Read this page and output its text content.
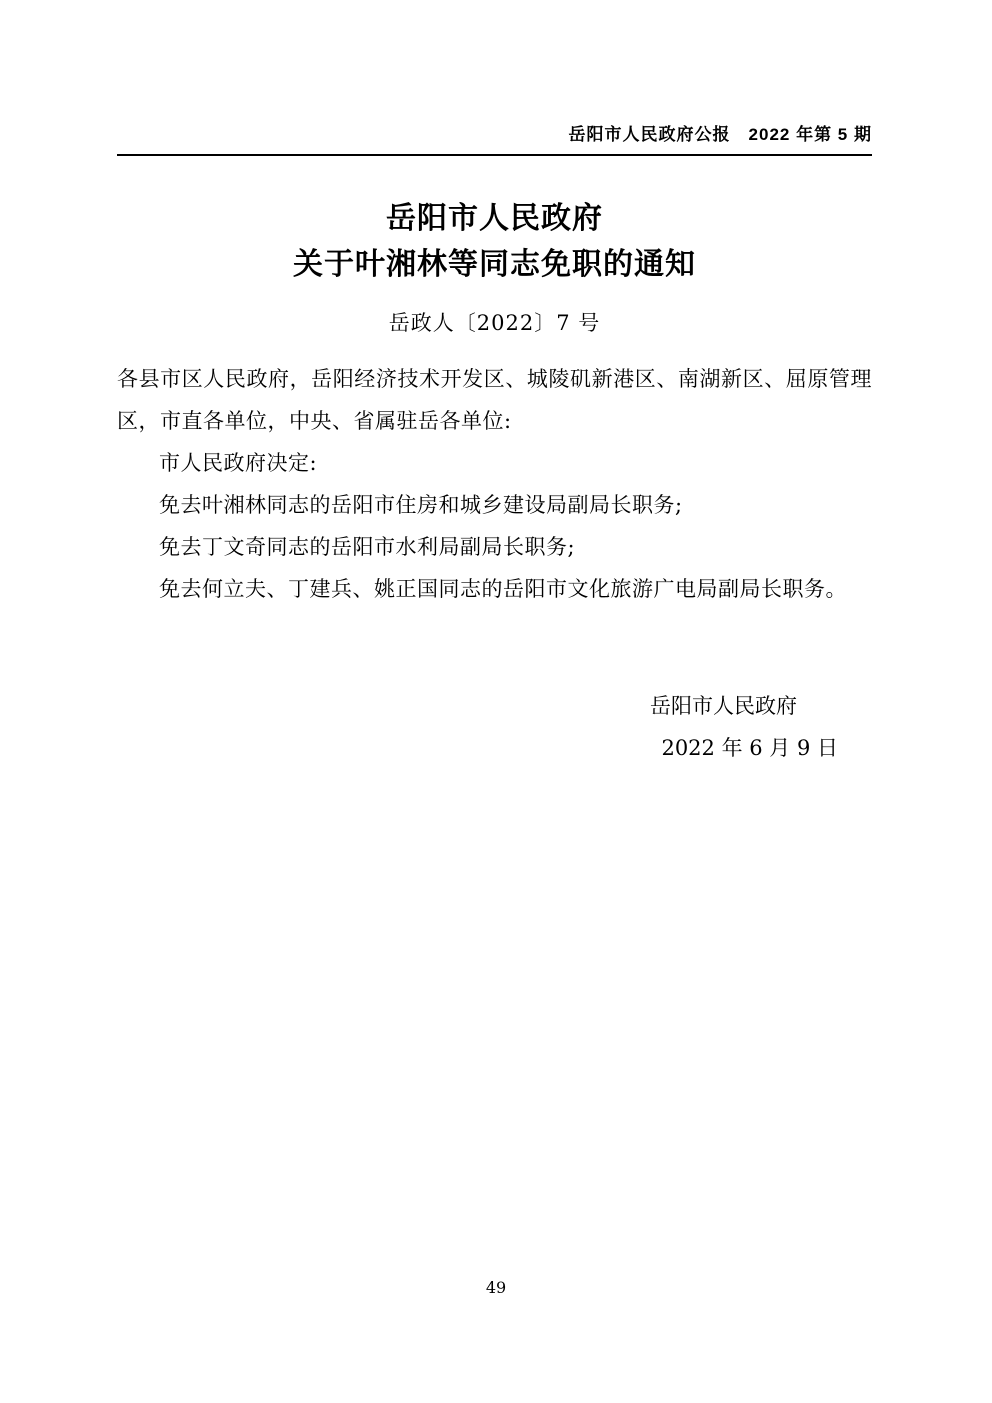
岳阳市人民政府公报　2022 年第 5 期
岳阳市人民政府
关于叶湘林等同志免职的通知
岳政人〔2022〕7 号

各县市区人民政府，岳阳经济技术开发区、城陵矶新港区、南湖新区、屈原管理区，市直各单位，中央、省属驻岳各单位:

市人民政府决定:

免去叶湘林同志的岳阳市住房和城乡建设局副局长职务;

免去丁文奇同志的岳阳市水利局副局长职务;

免去何立夫、丁建兵、姚正国同志的岳阳市文化旅游广电局副局长职务。

岳阳市人民政府
2022 年 6 月 9 日
49
